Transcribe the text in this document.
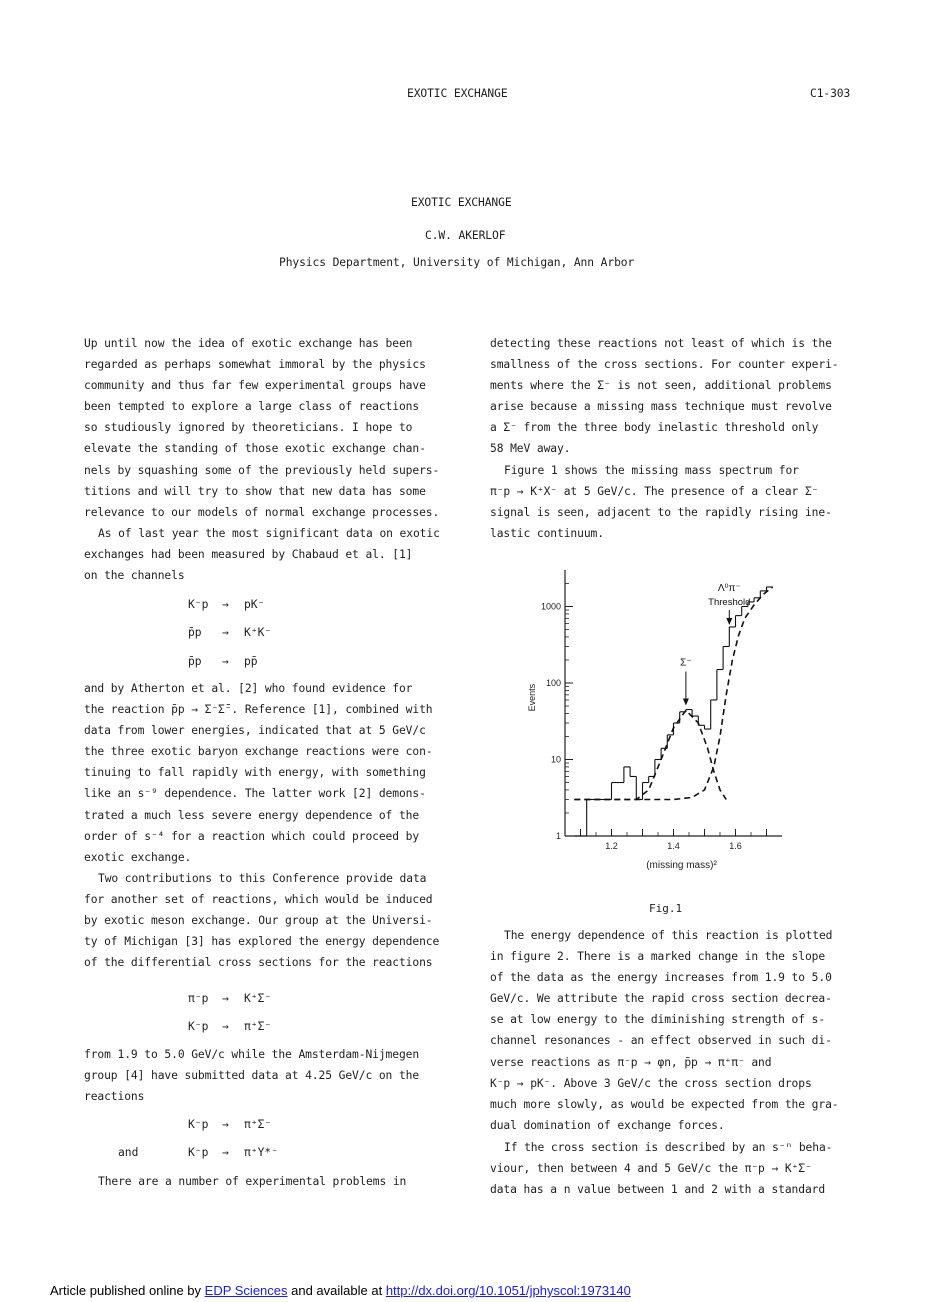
EXOTIC EXCHANGE	C1-303
EXOTIC EXCHANGE
C.W. AKERLOF
Physics Department, University of Michigan, Ann Arbor
Up until now the idea of exotic exchange has been
regarded as perhaps somewhat immoral by the physics
community and thus far few experimental groups have
been tempted to explore a large class of reactions
so studiously ignored by theoreticians. I hope to
elevate the standing of those exotic exchange chan-
nels by squashing some of the previously held supers-
titions and will try to show that new data has some
relevance to our models of normal exchange processes.
As of last year the most significant data on exotic
exchanges had been measured by Chabaud et al. [1]
on the channels
K⁻p → pK⁻
p̄p → K⁺K⁻
p̄p → pp̄
and by Atherton et al. [2] who found evidence for
the reaction p̄p → Σ⁻Σ̄⁻. Reference [1], combined with
data from lower energies, indicated that at 5 GeV/c
the three exotic baryon exchange reactions were con-
tinuing to fall rapidly with energy, with something
like an s⁻⁹ dependence. The latter work [2] demons-
trated a much less severe energy dependence of the
order of s⁻⁴ for a reaction which could proceed by
exotic exchange.
Two contributions to this Conference provide data
for another set of reactions, which would be induced
by exotic meson exchange. Our group at the Universi-
ty of Michigan [3] has explored the energy dependence
of the differential cross sections for the reactions
π⁻p → K⁺Σ⁻
K⁻p → π⁺Σ⁻
from 1.9 to 5.0 GeV/c while the Amsterdam-Nijmegen
group [4] have submitted data at 4.25 GeV/c on the
reactions
K⁻p → π⁺Σ⁻
and	K⁻p → π⁺Y*⁻
There are a number of experimental problems in
detecting these reactions not least of which is the
smallness of the cross sections. For counter experi-
ments where the Σ⁻ is not seen, additional problems
arise because a missing mass technique must revolve
a Σ⁻ from the three body inelastic threshold only
58 MeV away.
Figure 1 shows the missing mass spectrum for
π⁻p → K⁺X⁻ at 5 GeV/c. The presence of a clear Σ⁻
signal is seen, adjacent to the rapidly rising ine-
lastic continuum.
1
10
100
1000
1.2	1.4	1.6
Events
(missing mass)²
Σ⁻
Λ⁰π⁻
Threshold
Fig.1
The energy dependence of this reaction is plotted
in figure 2. There is a marked change in the slope
of the data as the energy increases from 1.9 to 5.0
GeV/c. We attribute the rapid cross section decrea-
se at low energy to the diminishing strength of s-
channel resonances - an effect observed in such di-
verse reactions as π⁻p → φn, p̄p → π⁺π⁻ and
K⁻p → pK⁻. Above 3 GeV/c the cross section drops
much more slowly, as would be expected from the gra-
dual domination of exchange forces.
If the cross section is described by an s⁻ⁿ beha-
viour, then between 4 and 5 GeV/c the π⁻p → K⁺Σ⁻
data has a n value between 1 and 2 with a standard
Article published online by EDP Sciences and available at http://dx.doi.org/10.1051/jphyscol:1973140
